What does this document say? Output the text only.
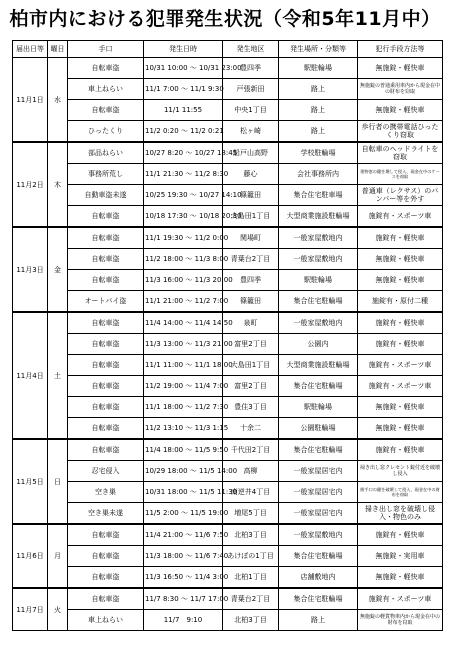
柏市内における犯罪発生状況（令和5年11月中）
届出日等	曜日	手口	発生日時	発生地区	発生場所・分類等	犯行手段方法等
11月1日	水	自転車盗	10/31 10:00 ～ 10/31 23:00	豊四季	駅駐輪場	無施錠・軽快車
		車上ねらい	11/1 7:00 ～ 11/1 9:30	戸張新田	路上	無施錠の普通乗用車内から現金在中の財布を窃取
		自転車盗	11/1 11:55	中央1丁目	路上	無施錠・軽快車
		ひったくり	11/2 0:20 ～ 11/2 0:21	松ヶ崎	路上	歩行者の携帯電話ひったくり窃取
11月2日	木	部品ねらい	10/27 8:20 ～ 10/27 18:45	船戸山高野	学校駐輪場	自転車のヘッドライトを窃取
		事務所荒し	11/1 21:30 ～ 11/2 8:30	藤心	会社事務所内	建物窓の鍵を壊して侵入、現金在中のケースを窃取
		自動車盗未遂	10/25 19:30 ～ 10/27 14:10	篠籠田	集合住宅駐車場	普通車（レクサス）のバンパー等を外す
		自転車盗	10/18 17:30 ～ 10/18 20:30	大島田1丁目	大型商業施設駐輪場	施錠有・スポーツ車
11月3日	金	自転車盗	11/1 19:30 ～ 11/2 0:00	関場町	一般家屋敷地内	施錠有・軽快車
		自転車盗	11/2 18:00 ～ 11/3 8:00	青葉台2丁目	一般家屋敷地内	無施錠・軽快車
		自転車盗	11/3 16:00 ～ 11/3 20:00	豊四季	駅駐輪場	無施錠・軽快車
		オートバイ盗	11/1 21:00 ～ 11/2 7:00	篠籠田	集合住宅駐輪場	施錠有・原付二種
11月4日	土	自転車盗	11/4 14:00 ～ 11/4 14:50	泉町	一般家屋敷地内	施錠有・軽快車
		自転車盗	11/3 13:00 ～ 11/3 21:00	富里2丁目	公園内	施錠有・軽快車
		自転車盗	11/1 11:00 ～ 11/1 18:00	大島田1丁目	大型商業施設駐輪場	施錠有・スポーツ車
		自転車盗	11/2 19:00 ～ 11/4 7:00	富里2丁目	集合住宅駐輪場	施錠有・スポーツ車
		自転車盗	11/1 18:00 ～ 11/2 7:30	豊住3丁目	駅駐輪場	無施錠・軽快車
		自転車盗	11/2 13:10 ～ 11/3 1:15	十余二	公園駐輪場	無施錠・軽快車
11月5日	日	自転車盗	11/4 18:00 ～ 11/5 9:50	千代田2丁目	集合住宅駐輪場	施錠有・軽快車
		忍宅侵入	10/29 18:00 ～ 11/5 14:00	高柳	一般家屋居宅内	掃き出し窓クレセント錠付近を破壊し侵入
		空き巣	10/31 18:00 ～ 11/5 11:30	南逆井4丁目	一般家屋居宅内	勝手口の鍵を破壊して侵入、現金在中の財布を窃取
		空き巣未遂	11/5 2:00 ～ 11/5 19:00	増尾5丁目	一般家屋居宅内	掃き出し窓を破壊し侵入・物色のみ
11月6日	月	自転車盗	11/4 21:00 ～ 11/6 7:50	北柏3丁目	一般家屋敷地内	施錠有・軽快車
		自転車盗	11/3 18:00 ～ 11/6 7:40	あけぼの1丁目	集合住宅駐輪場	無施錠・実用車
		自転車盗	11/3 16:50 ～ 11/4 3:00	北柏1丁目	店舗敷地内	無施錠・軽快車
11月7日	火	自転車盗	11/7 8:30 ～ 11/7 17:00	青葉台2丁目	集合住宅駐輪場	施錠有・スポーツ車
		車上ねらい	11/7　9:10	北柏3丁目	路上	無施錠の軽貨物車内から現金在中の財布を窃取
